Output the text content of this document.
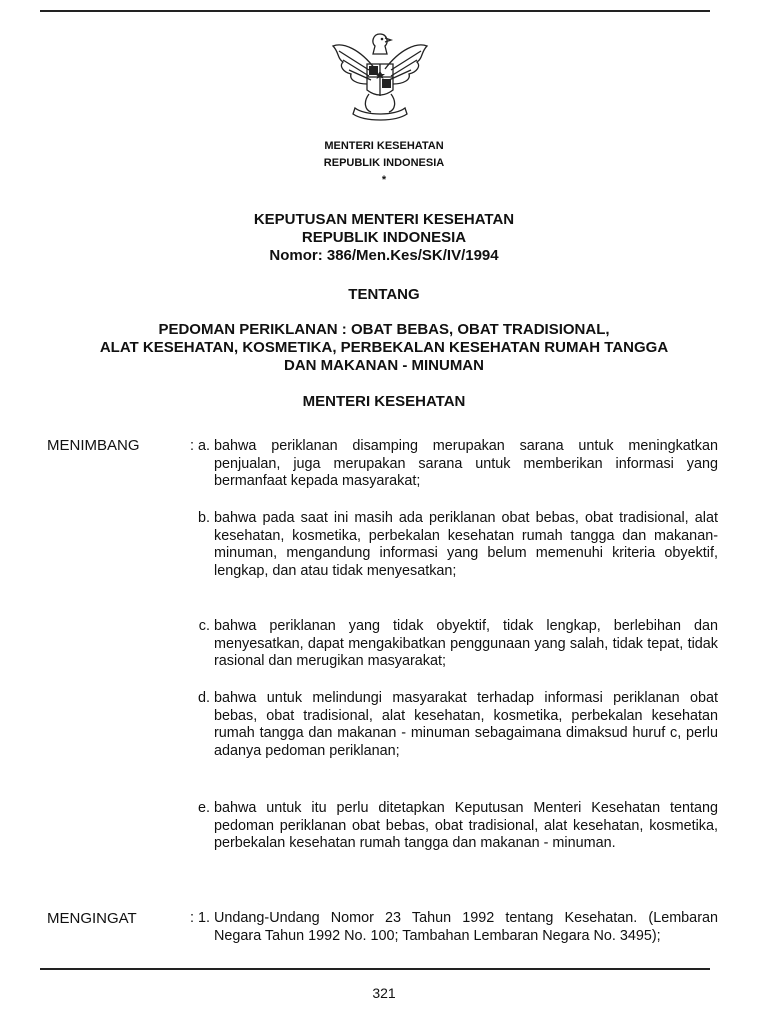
MENTERI KESEHATAN
REPUBLIK INDONESIA
*
KEPUTUSAN MENTERI KESEHATAN
REPUBLIK INDONESIA
Nomor: 386/Men.Kes/SK/IV/1994
TENTANG
PEDOMAN PERIKLANAN : OBAT BEBAS, OBAT TRADISIONAL,
ALAT KESEHATAN, KOSMETIKA, PERBEKALAN KESEHATAN RUMAH TANGGA
DAN MAKANAN - MINUMAN
MENTERI KESEHATAN
MENIMBANG	: a. bahwa periklanan disamping merupakan sarana untuk meningkatkan penjualan, juga merupakan sarana untuk memberikan informasi yang bermanfaat kepada masyarakat;
b. bahwa pada saat ini masih ada periklanan obat bebas, obat tradisional, alat kesehatan, kosmetika, perbekalan kesehatan rumah tangga dan makanan-minuman, mengandung informasi yang belum memenuhi kriteria obyektif, lengkap, dan atau tidak menyesatkan;
c. bahwa periklanan yang tidak obyektif, tidak lengkap, berlebihan dan menyesatkan, dapat mengakibatkan penggunaan yang salah, tidak tepat, tidak rasional dan merugikan masyarakat;
d. bahwa untuk melindungi masyarakat terhadap informasi periklanan obat bebas, obat tradisional, alat kesehatan, kosmetika, perbekalan kesehatan rumah tangga dan makanan - minuman sebagaimana dimaksud huruf c, perlu adanya pedoman periklanan;
e. bahwa untuk itu perlu ditetapkan Keputusan Menteri Kesehatan tentang pedoman periklanan obat bebas, obat tradisional, alat kesehatan, kosmetika, perbekalan kesehatan rumah tangga dan makanan - minuman.
MENGINGAT	: 1. Undang-Undang Nomor 23 Tahun 1992 tentang Kesehatan. (Lembaran Negara Tahun 1992 No. 100; Tambahan Lembaran Negara No. 3495);
321
